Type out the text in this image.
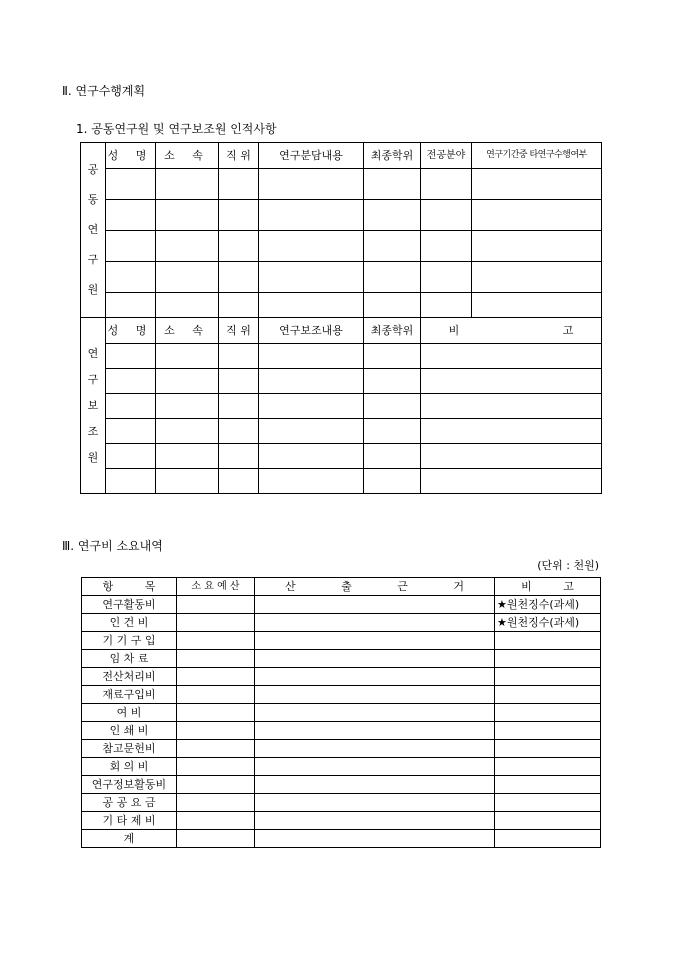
Ⅱ. 연구수행계획
1. 공동연구원 및 연구보조원 인적사항
공
동
연
구
원	성 명	소 속	직 위	연구분담내용	최종학위	전공분야	연구기간중 타연구수행여부

연
구
보
조
원	성 명	소 속	직 위	연구보조내용	최종학위	비 고	

Ⅲ. 연구비 소요내역
(단위 : 천원)
항 목	소 요 예 산	산 출 근 거	비 고
연구활동비			★원천징수(과세)
인 건 비			★원천징수(과세)
기 기 구 입			
임 차 료			
전산처리비			
재료구입비			
여 비			
인 쇄 비			
참고문헌비			
회 의 비			
연구정보활동비			
공 공 요 금			
기 타 제 비			
계			
